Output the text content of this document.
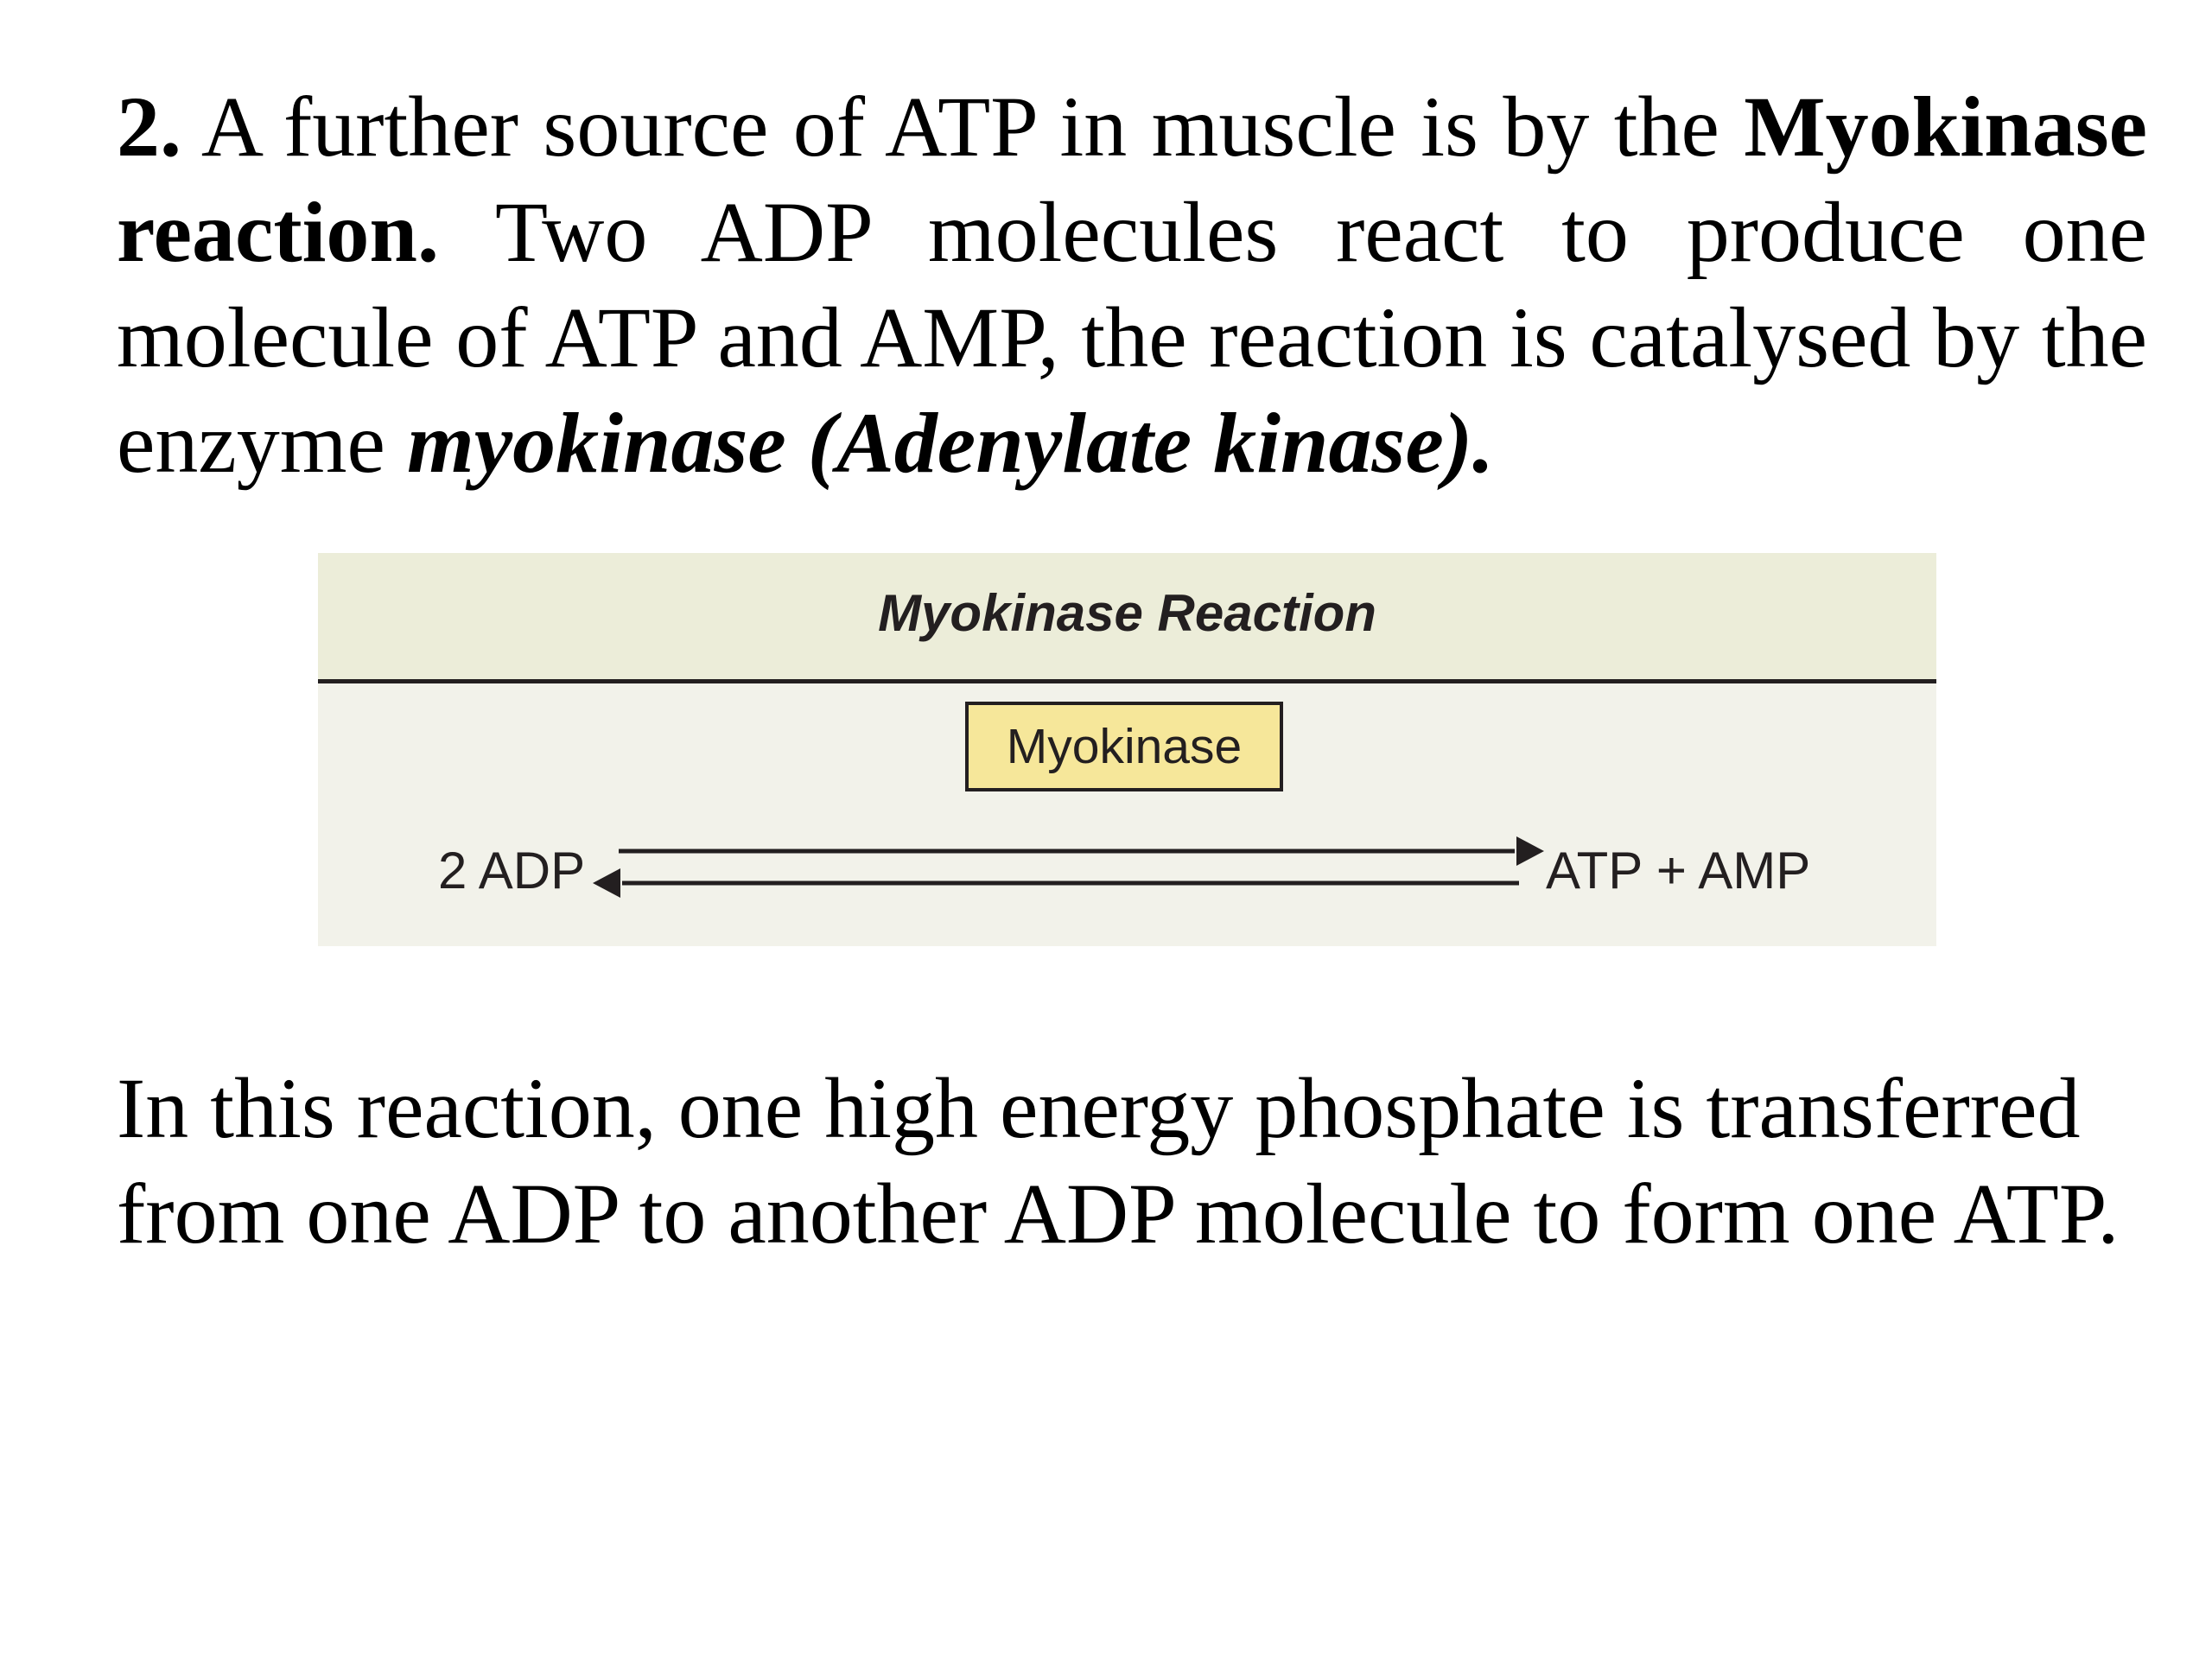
2. A further source of ATP in muscle is by the Myokinase reaction. Two ADP molecules react to produce one molecule of ATP and AMP, the reaction is catalysed by the enzyme myokinase (Adenylate kinase).

Myokinase Reaction
Myokinase
2 ADP	ATP + AMP

In this reaction, one high energy phosphate is transferred from one ADP to another ADP molecule to form one ATP.
